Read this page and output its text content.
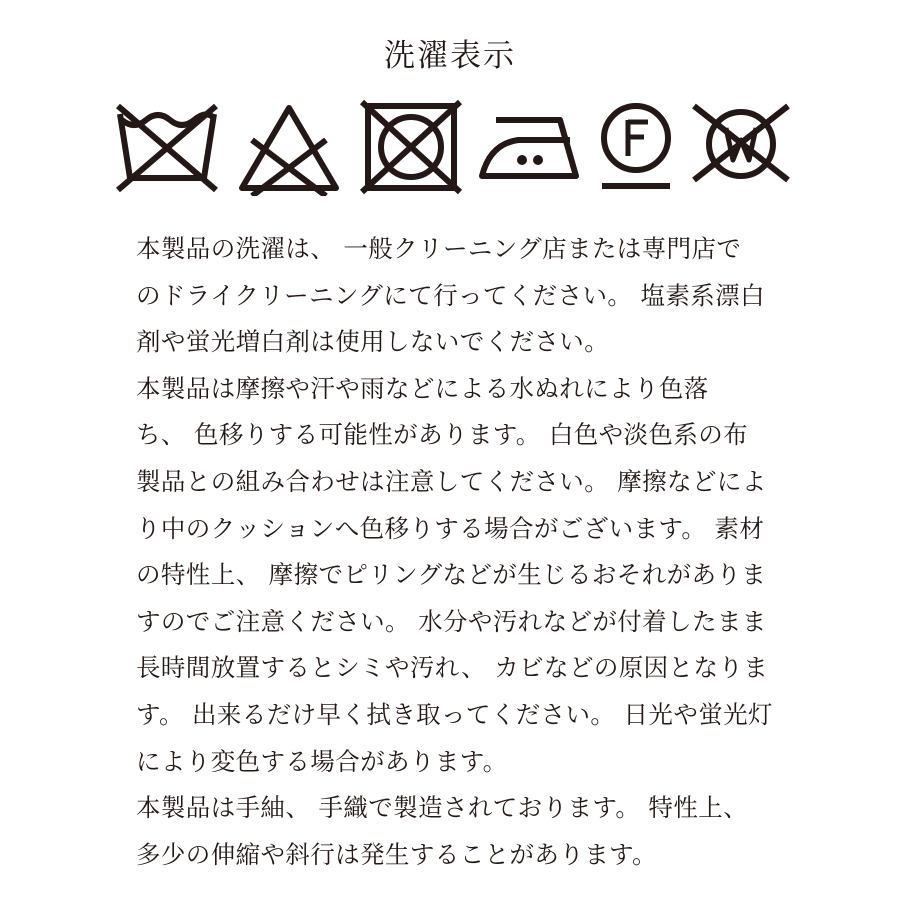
洗濯表示
本製品の洗濯は、 一般クリーニング店または専門店で
のドライクリーニングにて行ってください。 塩素系漂白
剤や蛍光増白剤は使用しないでください。
本製品は摩擦や汗や雨などによる水ぬれにより色落
ち、 色移りする可能性があります。 白色や淡色系の布
製品との組み合わせは注意してください。 摩擦などによ
り中のクッションへ色移りする場合がございます。 素材
の特性上、 摩擦でピリングなどが生じるおそれがありま
すのでご注意ください。 水分や汚れなどが付着したまま
長時間放置するとシミや汚れ、 カビなどの原因となりま
す。 出来るだけ早く拭き取ってください。 日光や蛍光灯
により変色する場合があります。
本製品は手紬、 手織で製造されております。 特性上、
多少の伸縮や斜行は発生することがあります。
